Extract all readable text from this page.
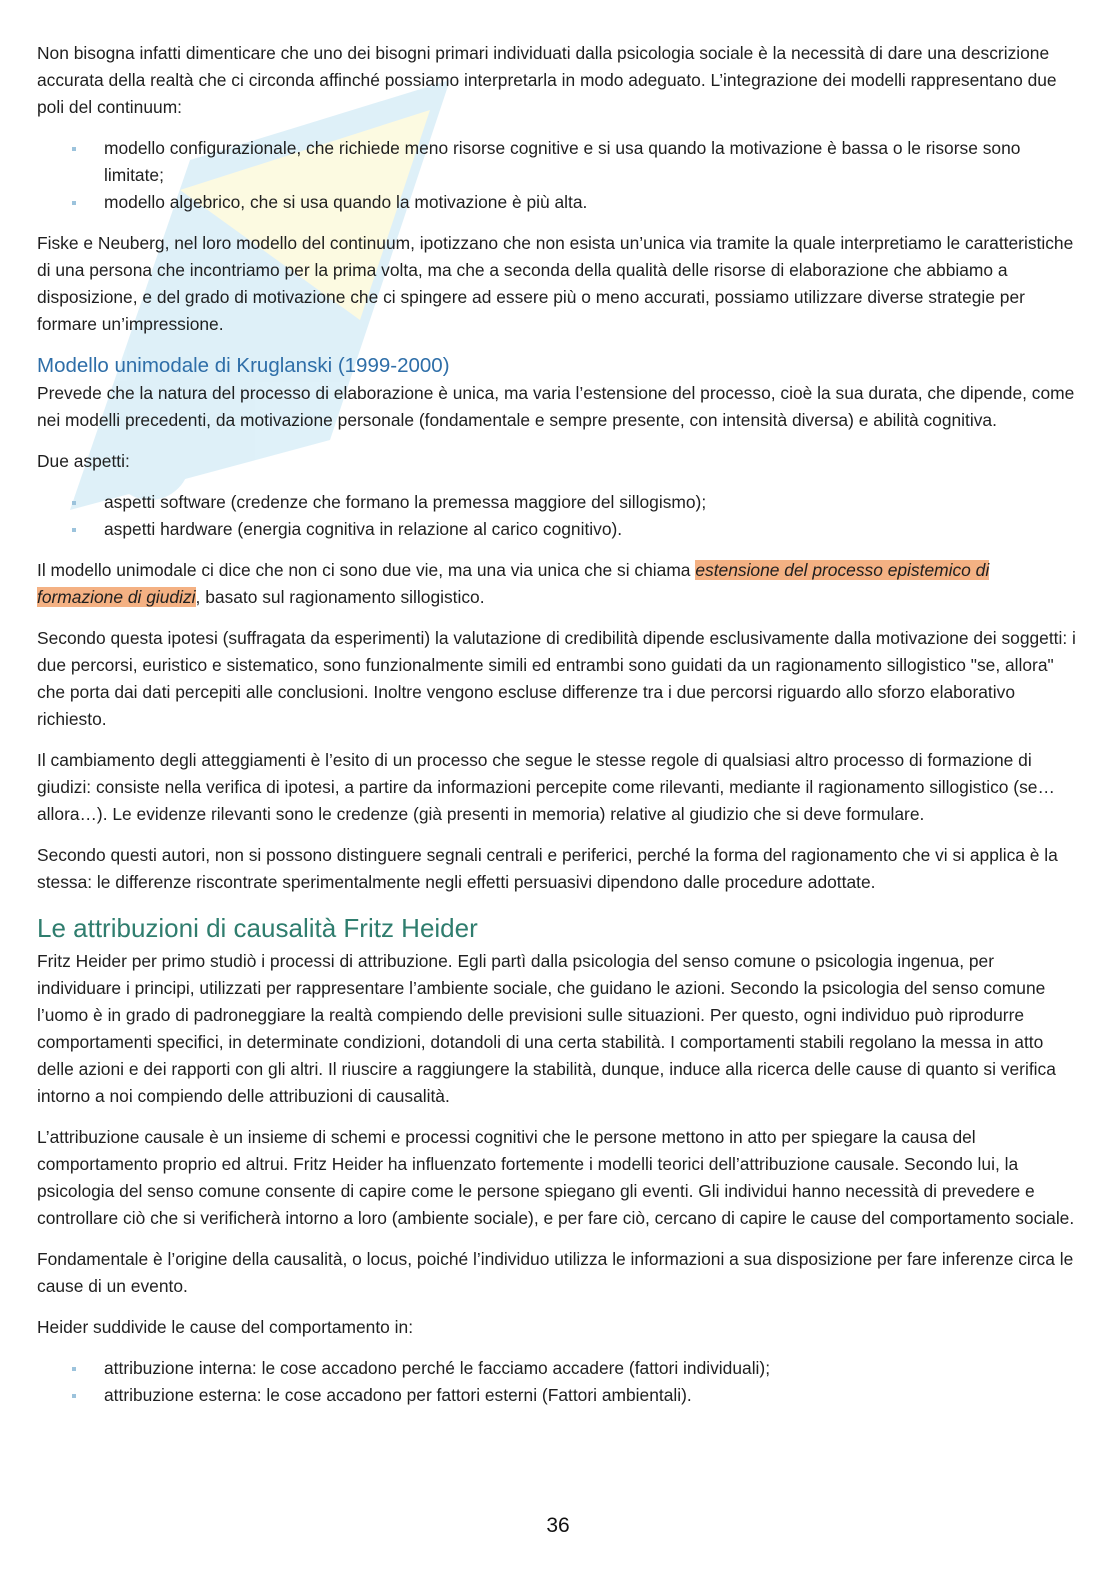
Non bisogna infatti dimenticare che uno dei bisogni primari individuati dalla psicologia sociale è la necessità di dare una descrizione accurata della realtà che ci circonda affinché possiamo interpretarla in modo adeguato. L’integrazione dei modelli rappresentano due poli del continuum:

modello configurazionale, che richiede meno risorse cognitive e si usa quando la motivazione è bassa o le risorse sono limitate;
modello algebrico, che si usa quando la motivazione è più alta.

Fiske e Neuberg, nel loro modello del continuum, ipotizzano che non esista un’unica via tramite la quale interpretiamo le caratteristiche di una persona che incontriamo per la prima volta, ma che a seconda della qualità delle risorse di elaborazione che abbiamo a disposizione, e del grado di motivazione che ci spingere ad essere più o meno accurati, possiamo utilizzare diverse strategie per formare un’impressione.

Modello unimodale di Kruglanski (1999-2000)

Prevede che la natura del processo di elaborazione è unica, ma varia l’estensione del processo, cioè la sua durata, che dipende, come nei modelli precedenti, da motivazione personale (fondamentale e sempre presente, con intensità diversa) e abilità cognitiva.

Due aspetti:

aspetti software (credenze che formano la premessa maggiore del sillogismo);
aspetti hardware (energia cognitiva in relazione al carico cognitivo).

Il modello unimodale ci dice che non ci sono due vie, ma una via unica che si chiama estensione del processo epistemico di formazione di giudizi, basato sul ragionamento sillogistico.

Secondo questa ipotesi (suffragata da esperimenti) la valutazione di credibilità dipende esclusivamente dalla motivazione dei soggetti: i due percorsi, euristico e sistematico, sono funzionalmente simili ed entrambi sono guidati da un ragionamento sillogistico "se, allora" che porta dai dati percepiti alle conclusioni. Inoltre vengono escluse differenze tra i due percorsi riguardo allo sforzo elaborativo richiesto.

Il cambiamento degli atteggiamenti è l’esito di un processo che segue le stesse regole di qualsiasi altro processo di formazione di giudizi: consiste nella verifica di ipotesi, a partire da informazioni percepite come rilevanti, mediante il ragionamento sillogistico (se… allora…). Le evidenze rilevanti sono le credenze (già presenti in memoria) relative al giudizio che si deve formulare.

Secondo questi autori, non si possono distinguere segnali centrali e periferici, perché la forma del ragionamento che vi si applica è la stessa: le differenze riscontrate sperimentalmente negli effetti persuasivi dipendono dalle procedure adottate.

Le attribuzioni di causalità Fritz Heider

Fritz Heider per primo studiò i processi di attribuzione. Egli partì dalla psicologia del senso comune o psicologia ingenua, per individuare i principi, utilizzati per rappresentare l’ambiente sociale, che guidano le azioni. Secondo la psicologia del senso comune l’uomo è in grado di padroneggiare la realtà compiendo delle previsioni sulle situazioni. Per questo, ogni individuo può riprodurre comportamenti specifici, in determinate condizioni, dotandoli di una certa stabilità. I comportamenti stabili regolano la messa in atto delle azioni e dei rapporti con gli altri. Il riuscire a raggiungere la stabilità, dunque, induce alla ricerca delle cause di quanto si verifica intorno a noi compiendo delle attribuzioni di causalità.

L’attribuzione causale è un insieme di schemi e processi cognitivi che le persone mettono in atto per spiegare la causa del comportamento proprio ed altrui. Fritz Heider ha influenzato fortemente i modelli teorici dell’attribuzione causale. Secondo lui, la psicologia del senso comune consente di capire come le persone spiegano gli eventi. Gli individui hanno necessità di prevedere e controllare ciò che si verificherà intorno a loro (ambiente sociale), e per fare ciò, cercano di capire le cause del comportamento sociale.

Fondamentale è l’origine della causalità, o locus, poiché l’individuo utilizza le informazioni a sua disposizione per fare inferenze circa le cause di un evento.

Heider suddivide le cause del comportamento in:

attribuzione interna: le cose accadono perché le facciamo accadere (fattori individuali);
attribuzione esterna: le cose accadono per fattori esterni (Fattori ambientali).
36
